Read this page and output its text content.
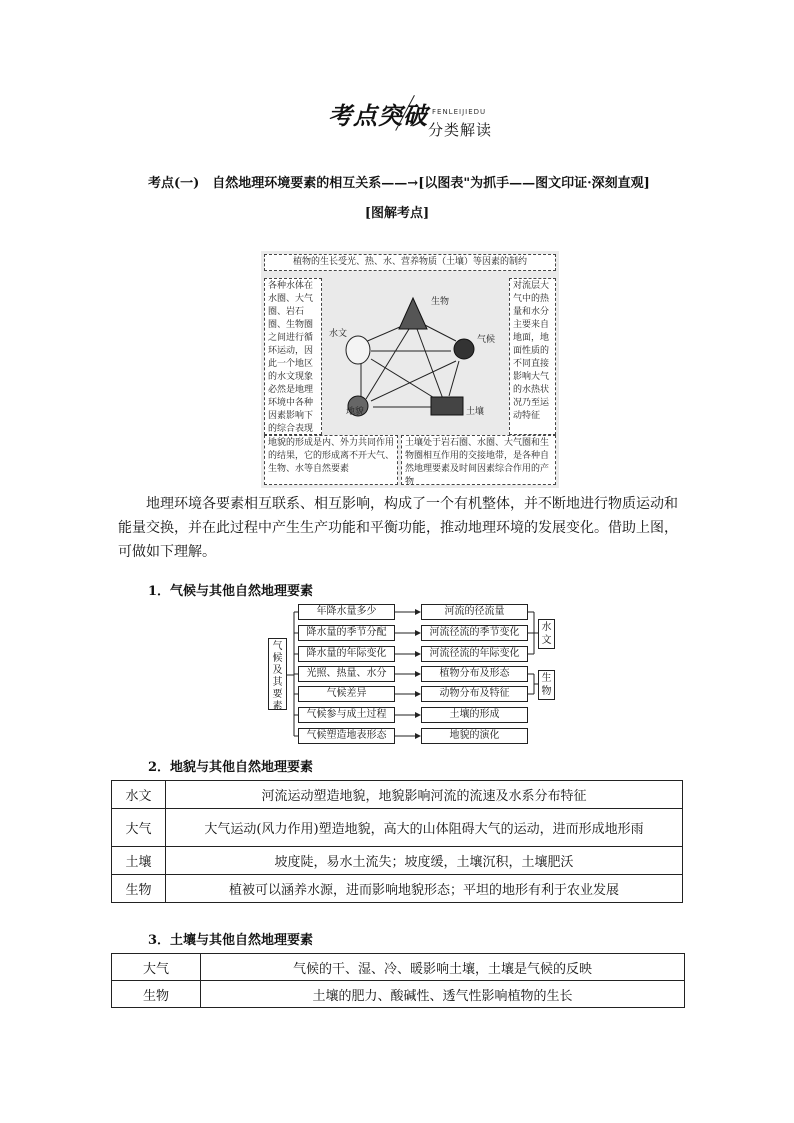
考点突破 FENLEIJIEDU
分类解读
考点(一)　自然地理环境要素的相互关系——→[以图表"为抓手——图文印证·深刻直观]
[图解考点]
植物的生长受光、热、水、营养物质（土壤）等因素的制约
各种水体在水圈、大气圈、岩石圈、生物圈之间进行循环运动，因此一个地区的水文现象必然是地理环境中各种因素影响下的综合表现
对流层大气中的热量和水分主要来自地面，地面性质的不同直接影响大气的水热状况乃至运动特征
地貌的形成是内、外力共同作用的结果，它的形成离不开大气、生物、水等自然要素
土壤处于岩石圈、水圈、大气圈和生物圈相互作用的交接地带，是各种自然地理要素及时间因素综合作用的产物
生物
水文
气候
地貌	土壤
地理环境各要素相互联系、相互影响，构成了一个有机整体，并不断地进行物质运动和能量交换，并在此过程中产生生产功能和平衡功能，推动地理环境的发展变化。借助上图，可做如下理解。
1．气候与其他自然地理要素
气候及其要素
年降水量多少
降水量的季节分配
降水量的年际变化
光照、热量、水分
气候差异
气候参与成土过程
气候塑造地表形态
河流的径流量
河流径流的季节变化
河流径流的年际变化
植物分布及形态
动物分布及特征
土壤的形成
地貌的演化
水文
生物
2．地貌与其他自然地理要素
水文	河流运动塑造地貌，地貌影响河流的流速及水系分布特征
大气	大气运动(风力作用)塑造地貌，高大的山体阻碍大气的运动，进而形成地形雨
土壤	坡度陡，易水土流失；坡度缓，土壤沉积，土壤肥沃
生物	植被可以涵养水源，进而影响地貌形态；平坦的地形有利于农业发展
3．土壤与其他自然地理要素
大气	气候的干、湿、冷、暖影响土壤，土壤是气候的反映
生物	土壤的肥力、酸碱性、透气性影响植物的生长
